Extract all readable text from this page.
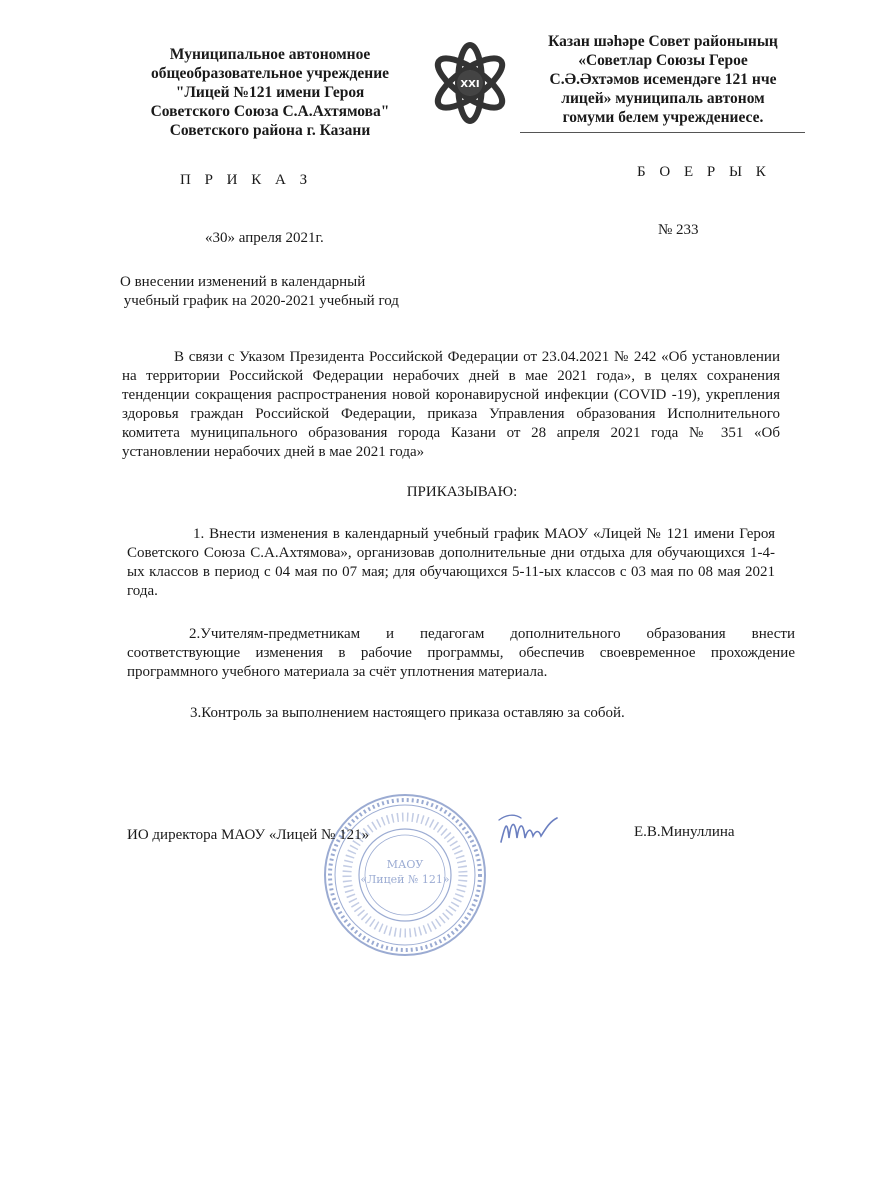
Муниципальное автономное
общеобразовательное учреждение
"Лицей №121 имени Героя
Советского Союза С.А.Ахтямова"
Советского района г. Казани
XXI
Казан шәһәре Совет районының
«Советлар Союзы Герое
С.Ә.Әхтәмов исемендәге 121 нче
лицей» муниципаль автоном
гомуми белем учреждениесе.
П Р И К А З	Б О Е Р Ы К
«30» апреля 2021г.	№ 233
О внесении изменений в календарный
учебный график на 2020-2021 учебный год
В связи с Указом Президента Российской Федерации от 23.04.2021 № 242 «Об установлении на территории Российской Федерации нерабочих дней в мае 2021 года», в целях сохранения тенденции сокращения распространения новой коронавирусной инфекции (COVID -19), укрепления здоровья граждан Российской Федерации, приказа Управления образования Исполнительного комитета муниципального образования города Казани от 28 апреля 2021 года № 351 «Об установлении нерабочих дней в мае 2021 года»
ПРИКАЗЫВАЮ:
1. Внести изменения в календарный учебный график МАОУ «Лицей № 121 имени Героя Советского Союза С.А.Ахтямова», организовав дополнительные дни отдыха для обучающихся 1-4-ых классов в период с 04 мая по 07 мая; для обучающихся 5-11-ых классов с 03 мая по 08 мая 2021 года.
2.Учителям-предметникам и педагогам дополнительного образования внести соответствующие изменения в рабочие программы, обеспечив своевременное прохождение программного учебного материала за счёт уплотнения материала.
3.Контроль за выполнением настоящего приказа оставляю за собой.
МАОУ
«Лицей № 121»
ИО директора МАОУ «Лицей № 121»	Е.В.Минуллина
